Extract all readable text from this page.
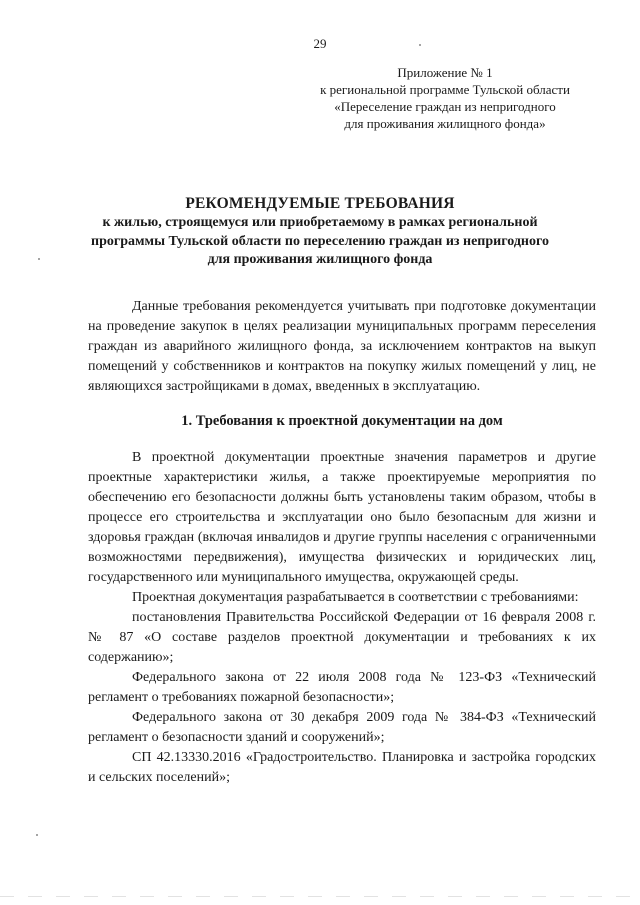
29
Приложение № 1
к региональной программе Тульской области
«Переселение граждан из непригодного
для проживания жилищного фонда»
РЕКОМЕНДУЕМЫЕ ТРЕБОВАНИЯ
к жилью, строящемуся или приобретаемому в рамках региональной
программы Тульской области по переселению граждан из непригодного
для проживания жилищного фонда

Данные требования рекомендуется учитывать при подготовке документации на проведение закупок в целях реализации муниципальных программ переселения граждан из аварийного жилищного фонда, за исключением контрактов на выкуп помещений у собственников и контрактов на покупку жилых помещений у лиц, не являющихся застройщиками в домах, введенных в эксплуатацию.

1. Требования к проектной документации на дом

В проектной документации проектные значения параметров и другие проектные характеристики жилья, а также проектируемые мероприятия по обеспечению его безопасности должны быть установлены таким образом, чтобы в процессе его строительства и эксплуатации оно было безопасным для жизни и здоровья граждан (включая инвалидов и другие группы населения с ограниченными возможностями передвижения), имущества физических и юридических лиц, государственного или муниципального имущества, окружающей среды.

Проектная документация разрабатывается в соответствии с требованиями:

постановления Правительства Российской Федерации от 16 февраля 2008 г. № 87 «О составе разделов проектной документации и требованиях к их содержанию»;

Федерального закона от 22 июля 2008 года № 123-ФЗ «Технический регламент о требованиях пожарной безопасности»;

Федерального закона от 30 декабря 2009 года № 384-ФЗ «Технический регламент о безопасности зданий и сооружений»;

СП 42.13330.2016 «Градостроительство. Планировка и застройка городских и сельских поселений»;
